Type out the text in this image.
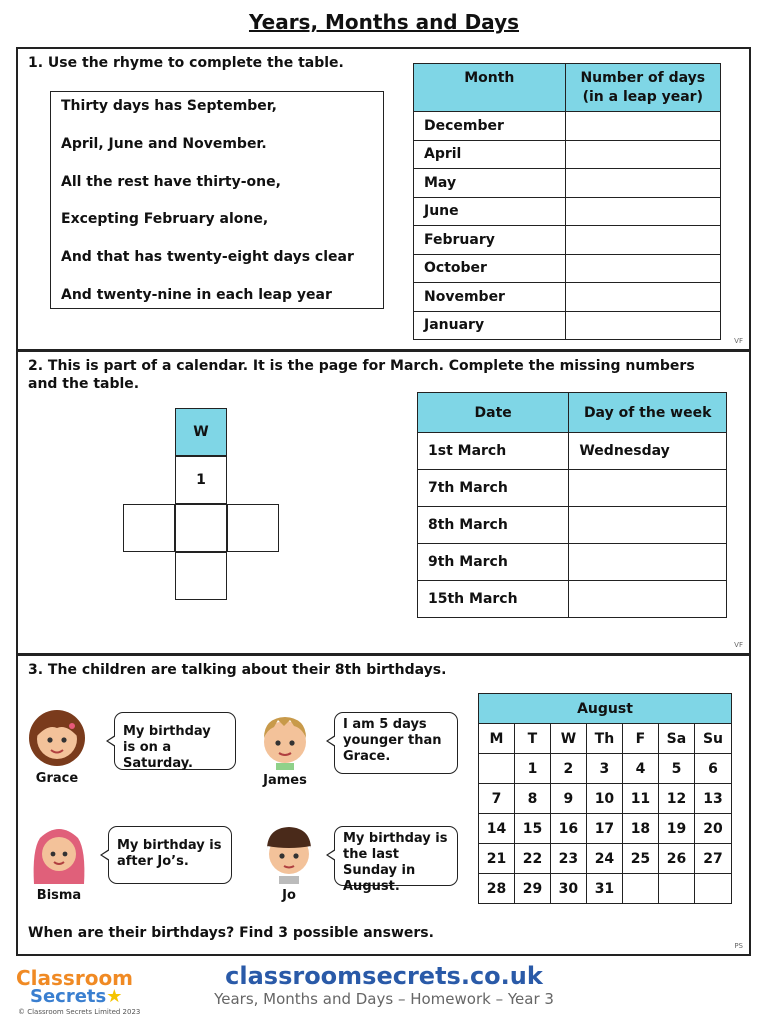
Years, Months and Days
1. Use the rhyme to complete the table.
Thirty days has September,
April, June and November.
All the rest have thirty-one,
Excepting February alone,
And that has twenty-eight days clear
And twenty-nine in each leap year
Month	Number of days
(in a leap year)
December	
April	
May	
June	
February	
October	
November	
January	
VF
2. This is part of a calendar. It is the page for March. Complete the missing numbers
and the table.
W
1
Date	Day of the week
1st March	Wednesday
7th March	
8th March	
9th March	
15th March	
VF
3. The children are talking about their 8th birthdays.
Grace
My birthday is on a Saturday.
James
I am 5 days younger than Grace.
Bisma
My birthday is after Jo’s.
Jo
My birthday is the last Sunday in August.
August						
M	T	W	Th	F	Sa	Su
	1	2	3	4	5	6
7	8	9	10	11	12	13
14	15	16	17	18	19	20
21	22	23	24	25	26	27
28	29	30	31			
When are their birthdays? Find 3 possible answers.
PS
Classroom
Secrets★
classroomsecrets.co.uk
Years, Months and Days – Homework – Year 3
© Classroom Secrets Limited 2023
